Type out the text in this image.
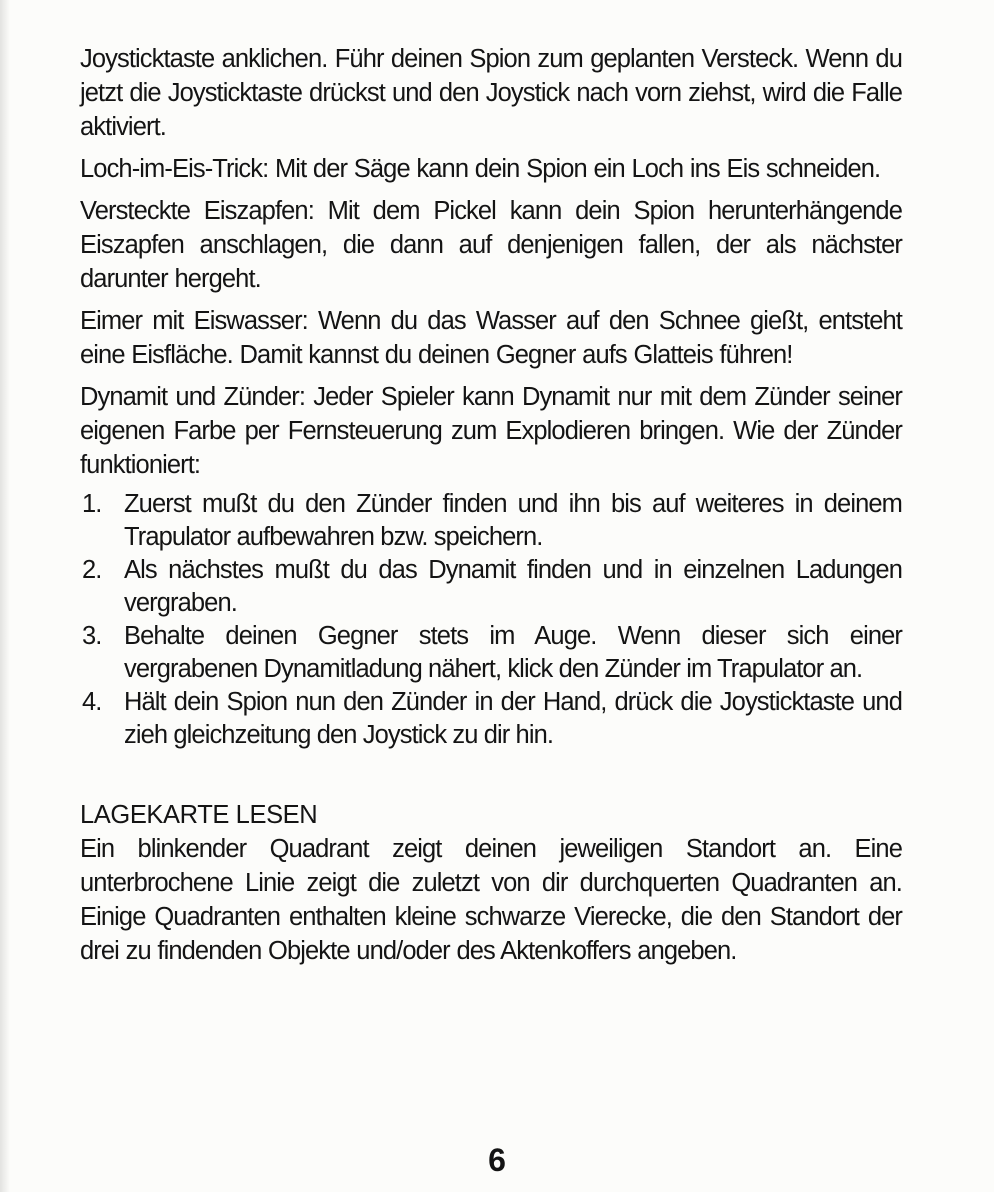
Joysticktaste anklichen. Führ deinen Spion zum geplanten Versteck. Wenn du jetzt die Joysticktaste drückst und den Joystick nach vorn ziehst, wird die Falle aktiviert.

Loch-im-Eis-Trick: Mit der Säge kann dein Spion ein Loch ins Eis schneiden.

Versteckte Eiszapfen: Mit dem Pickel kann dein Spion herunterhängende Eiszapfen anschlagen, die dann auf denjenigen fallen, der als nächster darunter hergeht.

Eimer mit Eiswasser: Wenn du das Wasser auf den Schnee gießt, entsteht eine Eisfläche. Damit kannst du deinen Gegner aufs Glatteis führen!

Dynamit und Zünder: Jeder Spieler kann Dynamit nur mit dem Zünder seiner eigenen Farbe per Fernsteuerung zum Explodieren bringen. Wie der Zünder funktioniert:

1. Zuerst mußt du den Zünder finden und ihn bis auf weiteres in deinem Trapulator aufbewahren bzw. speichern.
2. Als nächstes mußt du das Dynamit finden und in einzelnen Ladungen vergraben.
3. Behalte deinen Gegner stets im Auge. Wenn dieser sich einer vergrabenen Dynamitladung nähert, klick den Zünder im Trapulator an.
4. Hält dein Spion nun den Zünder in der Hand, drück die Joysticktaste und zieh gleichzeitung den Joystick zu dir hin.
LAGEKARTE LESEN

Ein blinkender Quadrant zeigt deinen jeweiligen Standort an. Eine unterbrochene Linie zeigt die zuletzt von dir durchquerten Quadranten an. Einige Quadranten enthalten kleine schwarze Vierecke, die den Standort der drei zu findenden Objekte und/oder des Aktenkoffers angeben.

6
